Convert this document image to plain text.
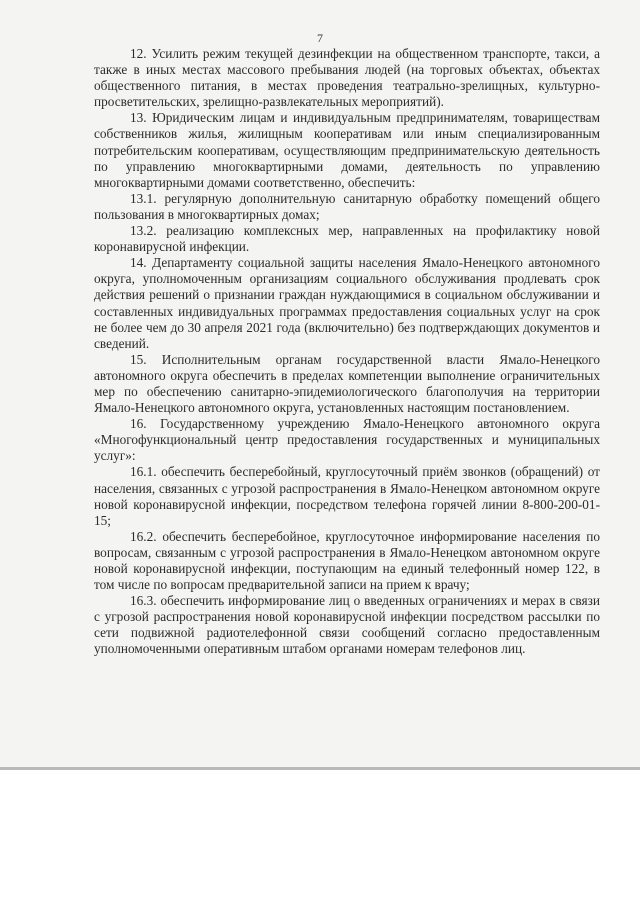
7

12. Усилить режим текущей дезинфекции на общественном транспорте, такси, а также в иных местах массового пребывания людей (на торговых объектах, объектах общественного питания, в местах проведения театрально-зрелищных, культурно-просветительских, зрелищно-развлекательных мероприятий).

13. Юридическим лицам и индивидуальным предпринимателям, товариществам собственников жилья, жилищным кооперативам или иным специализированным потребительским кооперативам, осуществляющим предпринимательскую деятельность по управлению многоквартирными домами, деятельность по управлению многоквартирными домами соответственно, обеспечить:

13.1. регулярную дополнительную санитарную обработку помещений общего пользования в многоквартирных домах;

13.2. реализацию комплексных мер, направленных на профилактику новой коронавирусной инфекции.

14. Департаменту социальной защиты населения Ямало-Ненецкого автономного округа, уполномоченным организациям социального обслуживания продлевать срок действия решений о признании граждан нуждающимися в социальном обслуживании и составленных индивидуальных программах предоставления социальных услуг на срок не более чем до 30 апреля 2021 года (включительно) без подтверждающих документов и сведений.

15. Исполнительным органам государственной власти Ямало-Ненецкого автономного округа обеспечить в пределах компетенции выполнение ограничительных мер по обеспечению санитарно-эпидемиологического благополучия на территории Ямало-Ненецкого автономного округа, установленных настоящим постановлением.

16. Государственному учреждению Ямало-Ненецкого автономного округа «Многофункциональный центр предоставления государственных и муниципальных услуг»:

16.1. обеспечить бесперебойный, круглосуточный приём звонков (обращений) от населения, связанных с угрозой распространения в Ямало-Ненецком автономном округе новой коронавирусной инфекции, посредством телефона горячей линии 8-800-200-01-15;

16.2. обеспечить бесперебойное, круглосуточное информирование населения по вопросам, связанным с угрозой распространения в Ямало-Ненецком автономном округе новой коронавирусной инфекции, поступающим на единый телефонный номер 122, в том числе по вопросам предварительной записи на прием к врачу;

16.3. обеспечить информирование лиц о введенных ограничениях и мерах в связи с угрозой распространения новой коронавирусной инфекции посредством рассылки по сети подвижной радиотелефонной связи сообщений согласно предоставленным уполномоченными оперативным штабом органами номерам телефонов лиц.
